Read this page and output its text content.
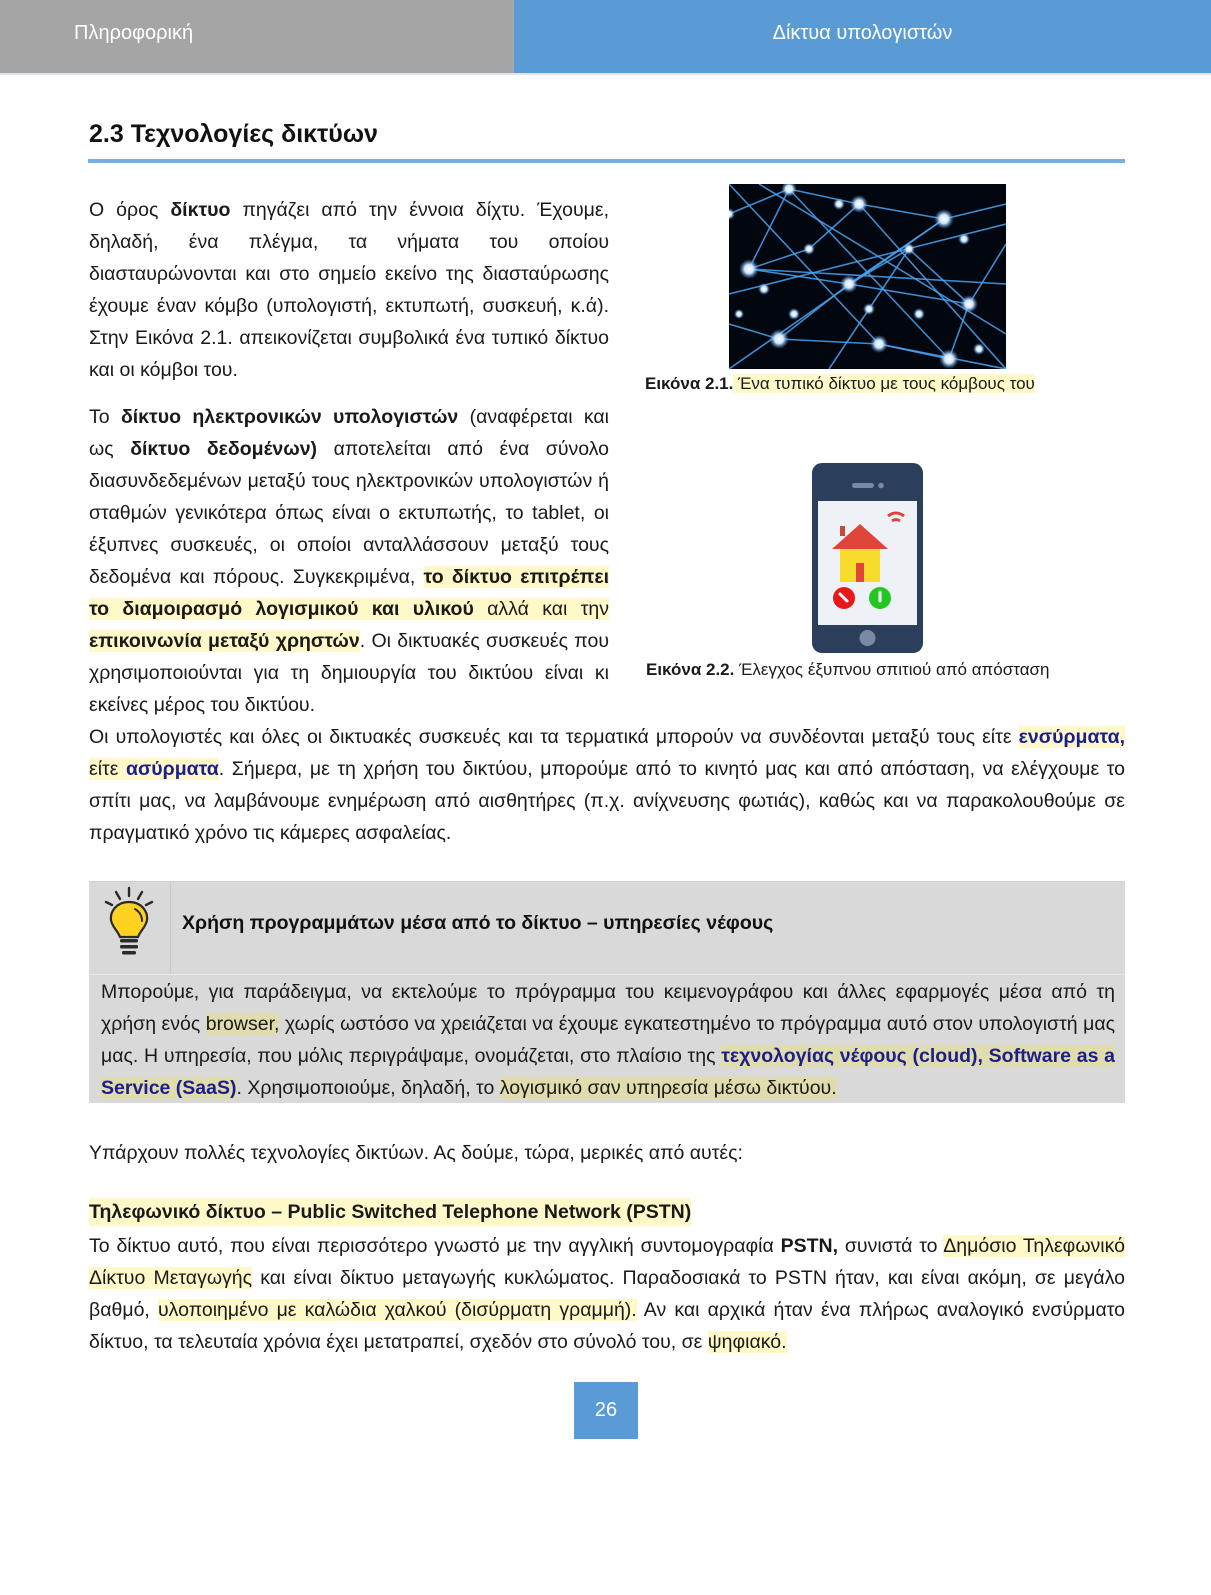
Πληροφορική	Δίκτυα υπολογιστών
2.3 Τεχνολογίες δικτύων

Ο όρος δίκτυο πηγάζει από την έννοια δίχτυ. Έχουμε, δηλαδή, ένα πλέγμα, τα νήματα του οποίου διασταυρώνονται και στο σημείο εκείνο της διασταύρωσης έχουμε έναν κόμβο (υπολογιστή, εκτυπωτή, συσκευή, κ.ά). Στην Εικόνα 2.1. απεικονίζεται συμβολικά ένα τυπικό δίκτυο και οι κόμβοι του.

Εικόνα 2.1. Ένα τυπικό δίκτυο με τους κόμβους του

Το δίκτυο ηλεκτρονικών υπολογιστών (αναφέρεται και ως δίκτυο δεδομένων) αποτελείται από ένα σύνολο διασυνδεδεμένων μεταξύ τους ηλεκτρονικών υπολογιστών ή σταθμών γενικότερα όπως είναι ο εκτυπωτής, το tablet, οι έξυπνες συσκευές, οι οποίοι ανταλλάσσουν μεταξύ τους δεδομένα και πόρους. Συγκεκριμένα, το δίκτυο επιτρέπει το διαμοιρασμό λογισμικού και υλικού αλλά και την επικοινωνία μεταξύ χρηστών. Οι δικτυακές συσκευές που χρησιμοποιούνται για τη δημιουργία του δικτύου είναι κι εκείνες μέρος του δικτύου.

Εικόνα 2.2. Έλεγχος έξυπνου σπιτιού από απόσταση

Οι υπολογιστές και όλες οι δικτυακές συσκευές και τα τερματικά μπορούν να συνδέονται μεταξύ τους είτε ενσύρματα, είτε ασύρματα. Σήμερα, με τη χρήση του δικτύου, μπορούμε από το κινητό μας και από απόσταση, να ελέγχουμε το σπίτι μας, να λαμβάνουμε ενημέρωση από αισθητήρες (π.χ. ανίχνευσης φωτιάς), καθώς και να παρακολουθούμε σε πραγματικό χρόνο τις κάμερες ασφαλείας.

Χρήση προγραμμάτων μέσα από το δίκτυο – υπηρεσίες νέφους

Μπορούμε, για παράδειγμα, να εκτελούμε το πρόγραμμα του κειμενογράφου και άλλες εφαρμογές μέσα από τη χρήση ενός browser, χωρίς ωστόσο να χρειάζεται να έχουμε εγκατεστημένο το πρόγραμμα αυτό στον υπολογιστή μας μας. Η υπηρεσία, που μόλις περιγράψαμε, ονομάζεται, στο πλαίσιο της τεχνολογίας νέφους (cloud), Software as a Service (SaaS). Χρησιμοποιούμε, δηλαδή, το λογισμικό σαν υπηρεσία μέσω δικτύου.

Υπάρχουν πολλές τεχνολογίες δικτύων. Ας δούμε, τώρα, μερικές από αυτές:

Τηλεφωνικό δίκτυο – Public Switched Telephone Network (PSTN)

Το δίκτυο αυτό, που είναι περισσότερο γνωστό με την αγγλική συντομογραφία PSTN, συνιστά το Δημόσιο Τηλεφωνικό Δίκτυο Μεταγωγής και είναι δίκτυο μεταγωγής κυκλώματος. Παραδοσιακά το PSTN ήταν, και είναι ακόμη, σε μεγάλο βαθμό, υλοποιημένο με καλώδια χαλκού (δισύρματη γραμμή). Αν και αρχικά ήταν ένα πλήρως αναλογικό ενσύρματο δίκτυο, τα τελευταία χρόνια έχει μετατραπεί, σχεδόν στο σύνολό του, σε ψηφιακό.

26
